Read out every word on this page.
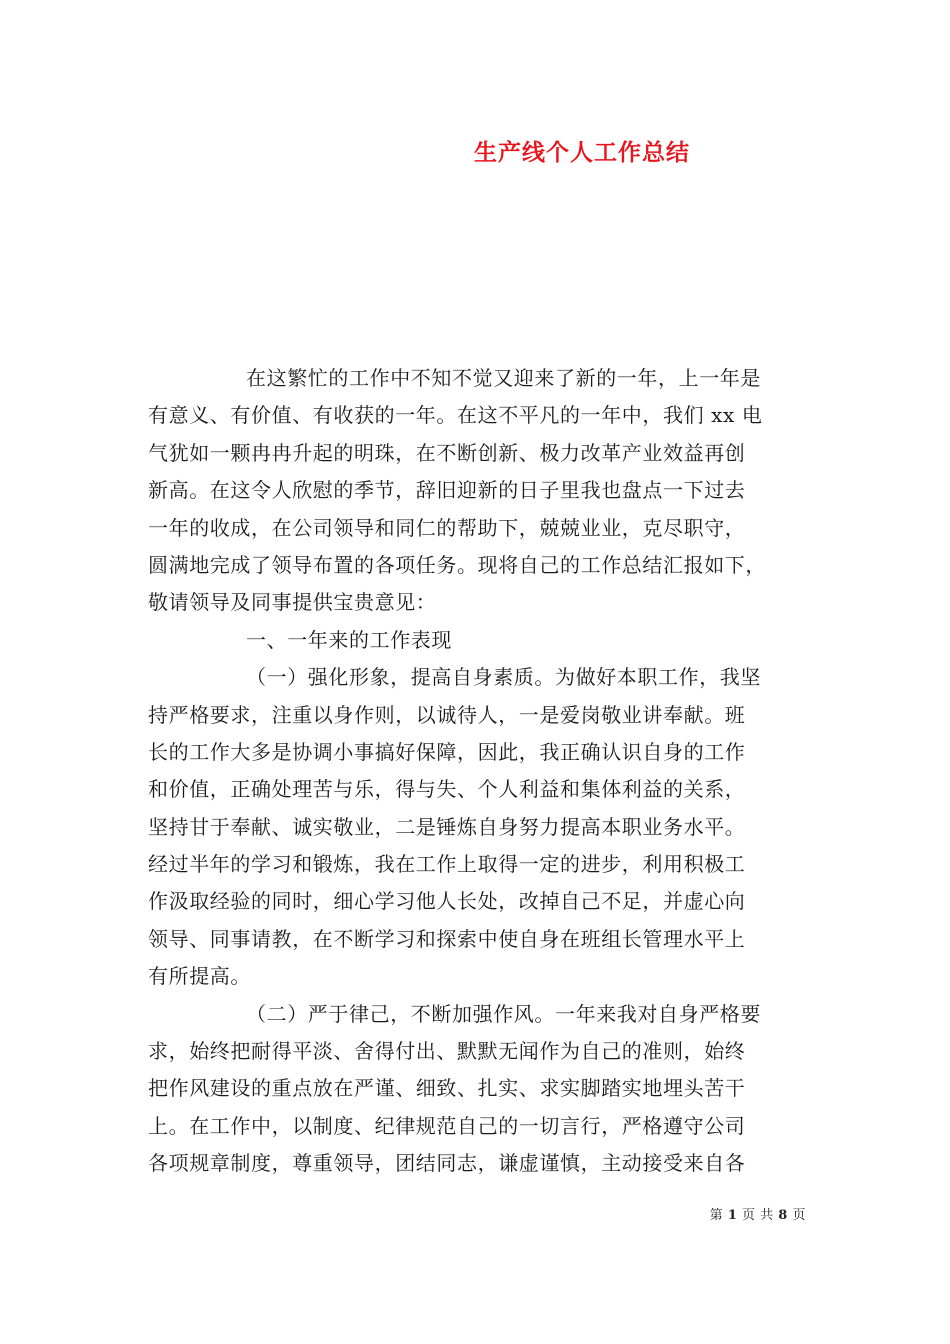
生产线个人工作总结
在这繁忙的工作中不知不觉又迎来了新的一年，上一年是
有意义、有价值、有收获的一年。在这不平凡的一年中，我们 xx 电
气犹如一颗冉冉升起的明珠，在不断创新、极力改革产业效益再创
新高。在这令人欣慰的季节，辞旧迎新的日子里我也盘点一下过去
一年的收成，在公司领导和同仁的帮助下，兢兢业业，克尽职守，
圆满地完成了领导布置的各项任务。现将自己的工作总结汇报如下，
敬请领导及同事提供宝贵意见：
一、一年来的工作表现
（一）强化形象，提高自身素质。为做好本职工作，我坚
持严格要求，注重以身作则，以诚待人，一是爱岗敬业讲奉献。班
长的工作大多是协调小事搞好保障，因此，我正确认识自身的工作
和价值，正确处理苦与乐，得与失、个人利益和集体利益的关系，
坚持甘于奉献、诚实敬业，二是锤炼自身努力提高本职业务水平。
经过半年的学习和锻炼，我在工作上取得一定的进步，利用积极工
作汲取经验的同时，细心学习他人长处，改掉自己不足，并虚心向
领导、同事请教，在不断学习和探索中使自身在班组长管理水平上
有所提高。
（二）严于律己，不断加强作风。一年来我对自身严格要
求，始终把耐得平淡、舍得付出、默默无闻作为自己的准则，始终
把作风建设的重点放在严谨、细致、扎实、求实脚踏实地埋头苦干
上。在工作中，以制度、纪律规范自己的一切言行，严格遵守公司
各项规章制度，尊重领导，团结同志，谦虚谨慎，主动接受来自各
第 1 页 共 8 页
